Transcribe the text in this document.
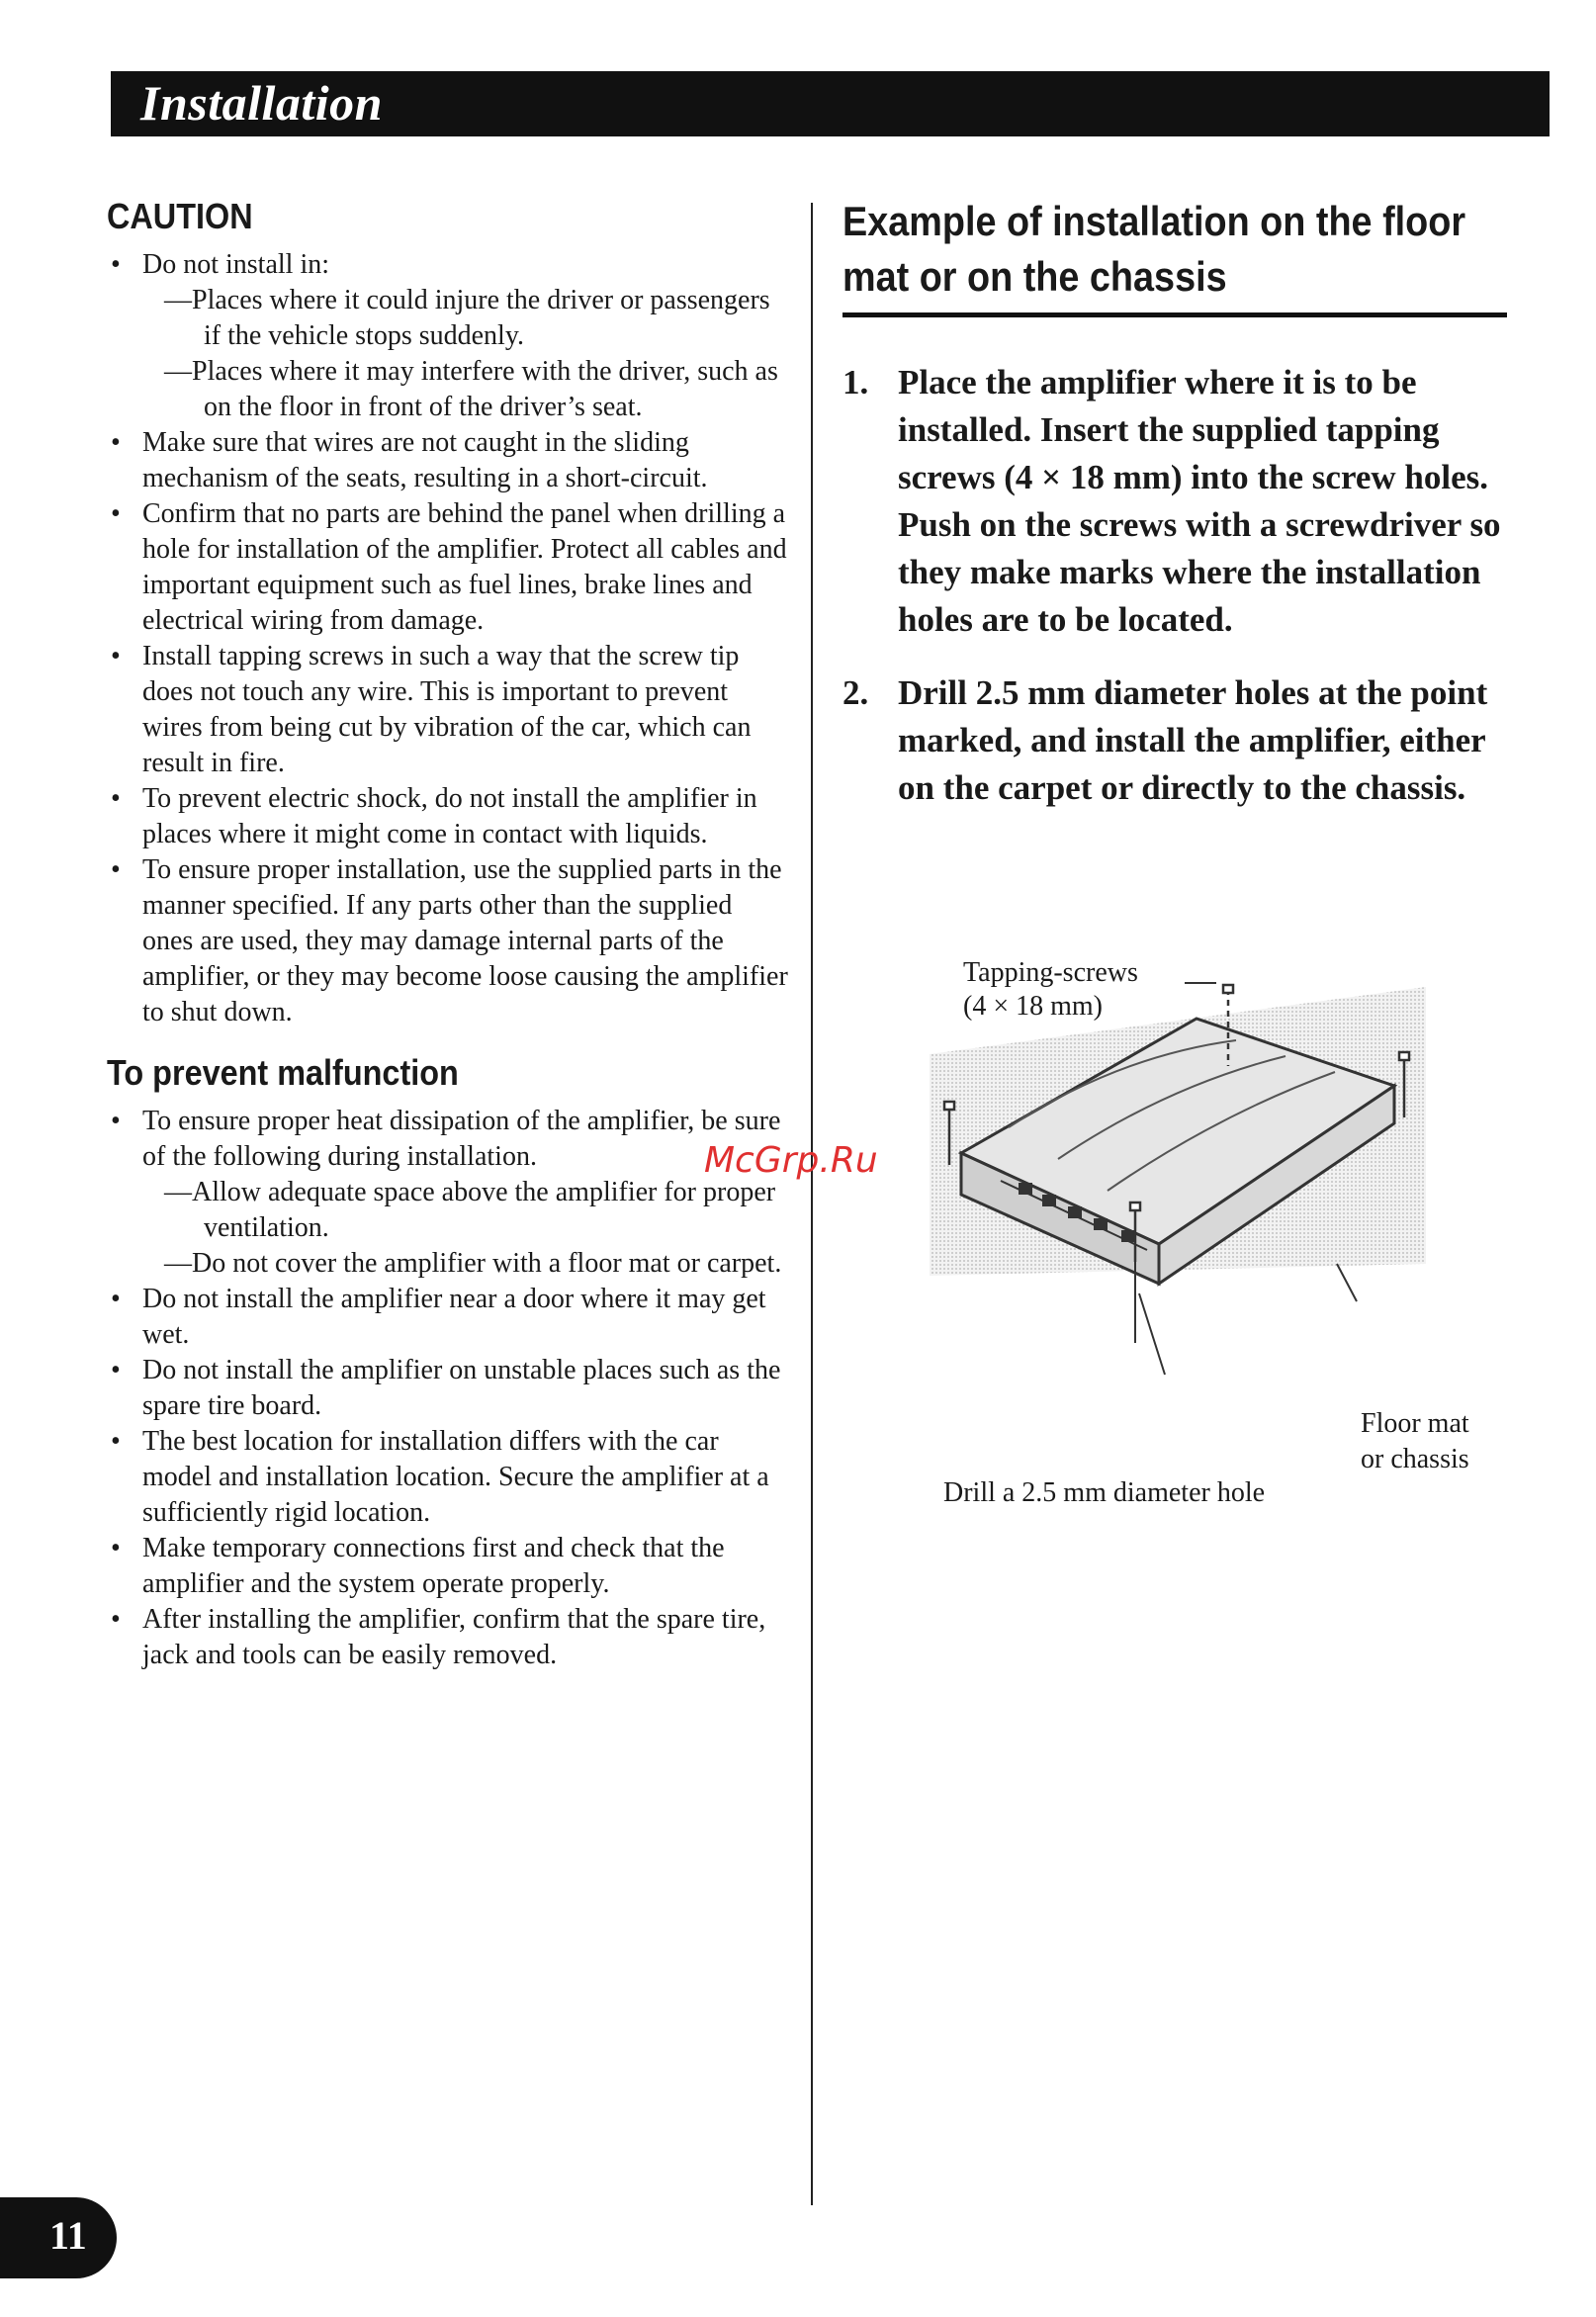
Installation
CAUTION
• Do not install in:
—Places where it could injure the driver or passengers if the vehicle stops suddenly.
—Places where it may interfere with the driver, such as on the floor in front of the driver’s seat.
• Make sure that wires are not caught in the sliding mechanism of the seats, resulting in a short-circuit.
• Confirm that no parts are behind the panel when drilling a hole for installation of the amplifier. Protect all cables and important equipment such as fuel lines, brake lines and electrical wiring from damage.
• Install tapping screws in such a way that the screw tip does not touch any wire. This is important to prevent wires from being cut by vibration of the car, which can result in fire.
• To prevent electric shock, do not install the amplifier in places where it might come in contact with liquids.
• To ensure proper installation, use the supplied parts in the manner specified. If any parts other than the supplied ones are used, they may damage internal parts of the amplifier, or they may become loose causing the amplifier to shut down.
To prevent malfunction
• To ensure proper heat dissipation of the amplifier, be sure of the following during installation.
—Allow adequate space above the amplifier for proper ventilation.
—Do not cover the amplifier with a floor mat or carpet.
• Do not install the amplifier near a door where it may get wet.
• Do not install the amplifier on unstable places such as the spare tire board.
• The best location for installation differs with the car model and installation location. Secure the amplifier at a sufficiently rigid location.
• Make temporary connections first and check that the amplifier and the system operate properly.
• After installing the amplifier, confirm that the spare tire, jack and tools can be easily removed.
Example of installation on the floor mat or on the chassis
1. Place the amplifier where it is to be installed. Insert the supplied tapping screws (4 × 18 mm) into the screw holes. Push on the screws with a screwdriver so they make marks where the installation holes are to be located.
2. Drill 2.5 mm diameter holes at the point marked, and install the amplifier, either on the carpet or directly to the chassis.
Tapping-screws
(4 × 18 mm)
Floor mat
or chassis
Drill a 2.5 mm diameter hole
McGrp.Ru
11
